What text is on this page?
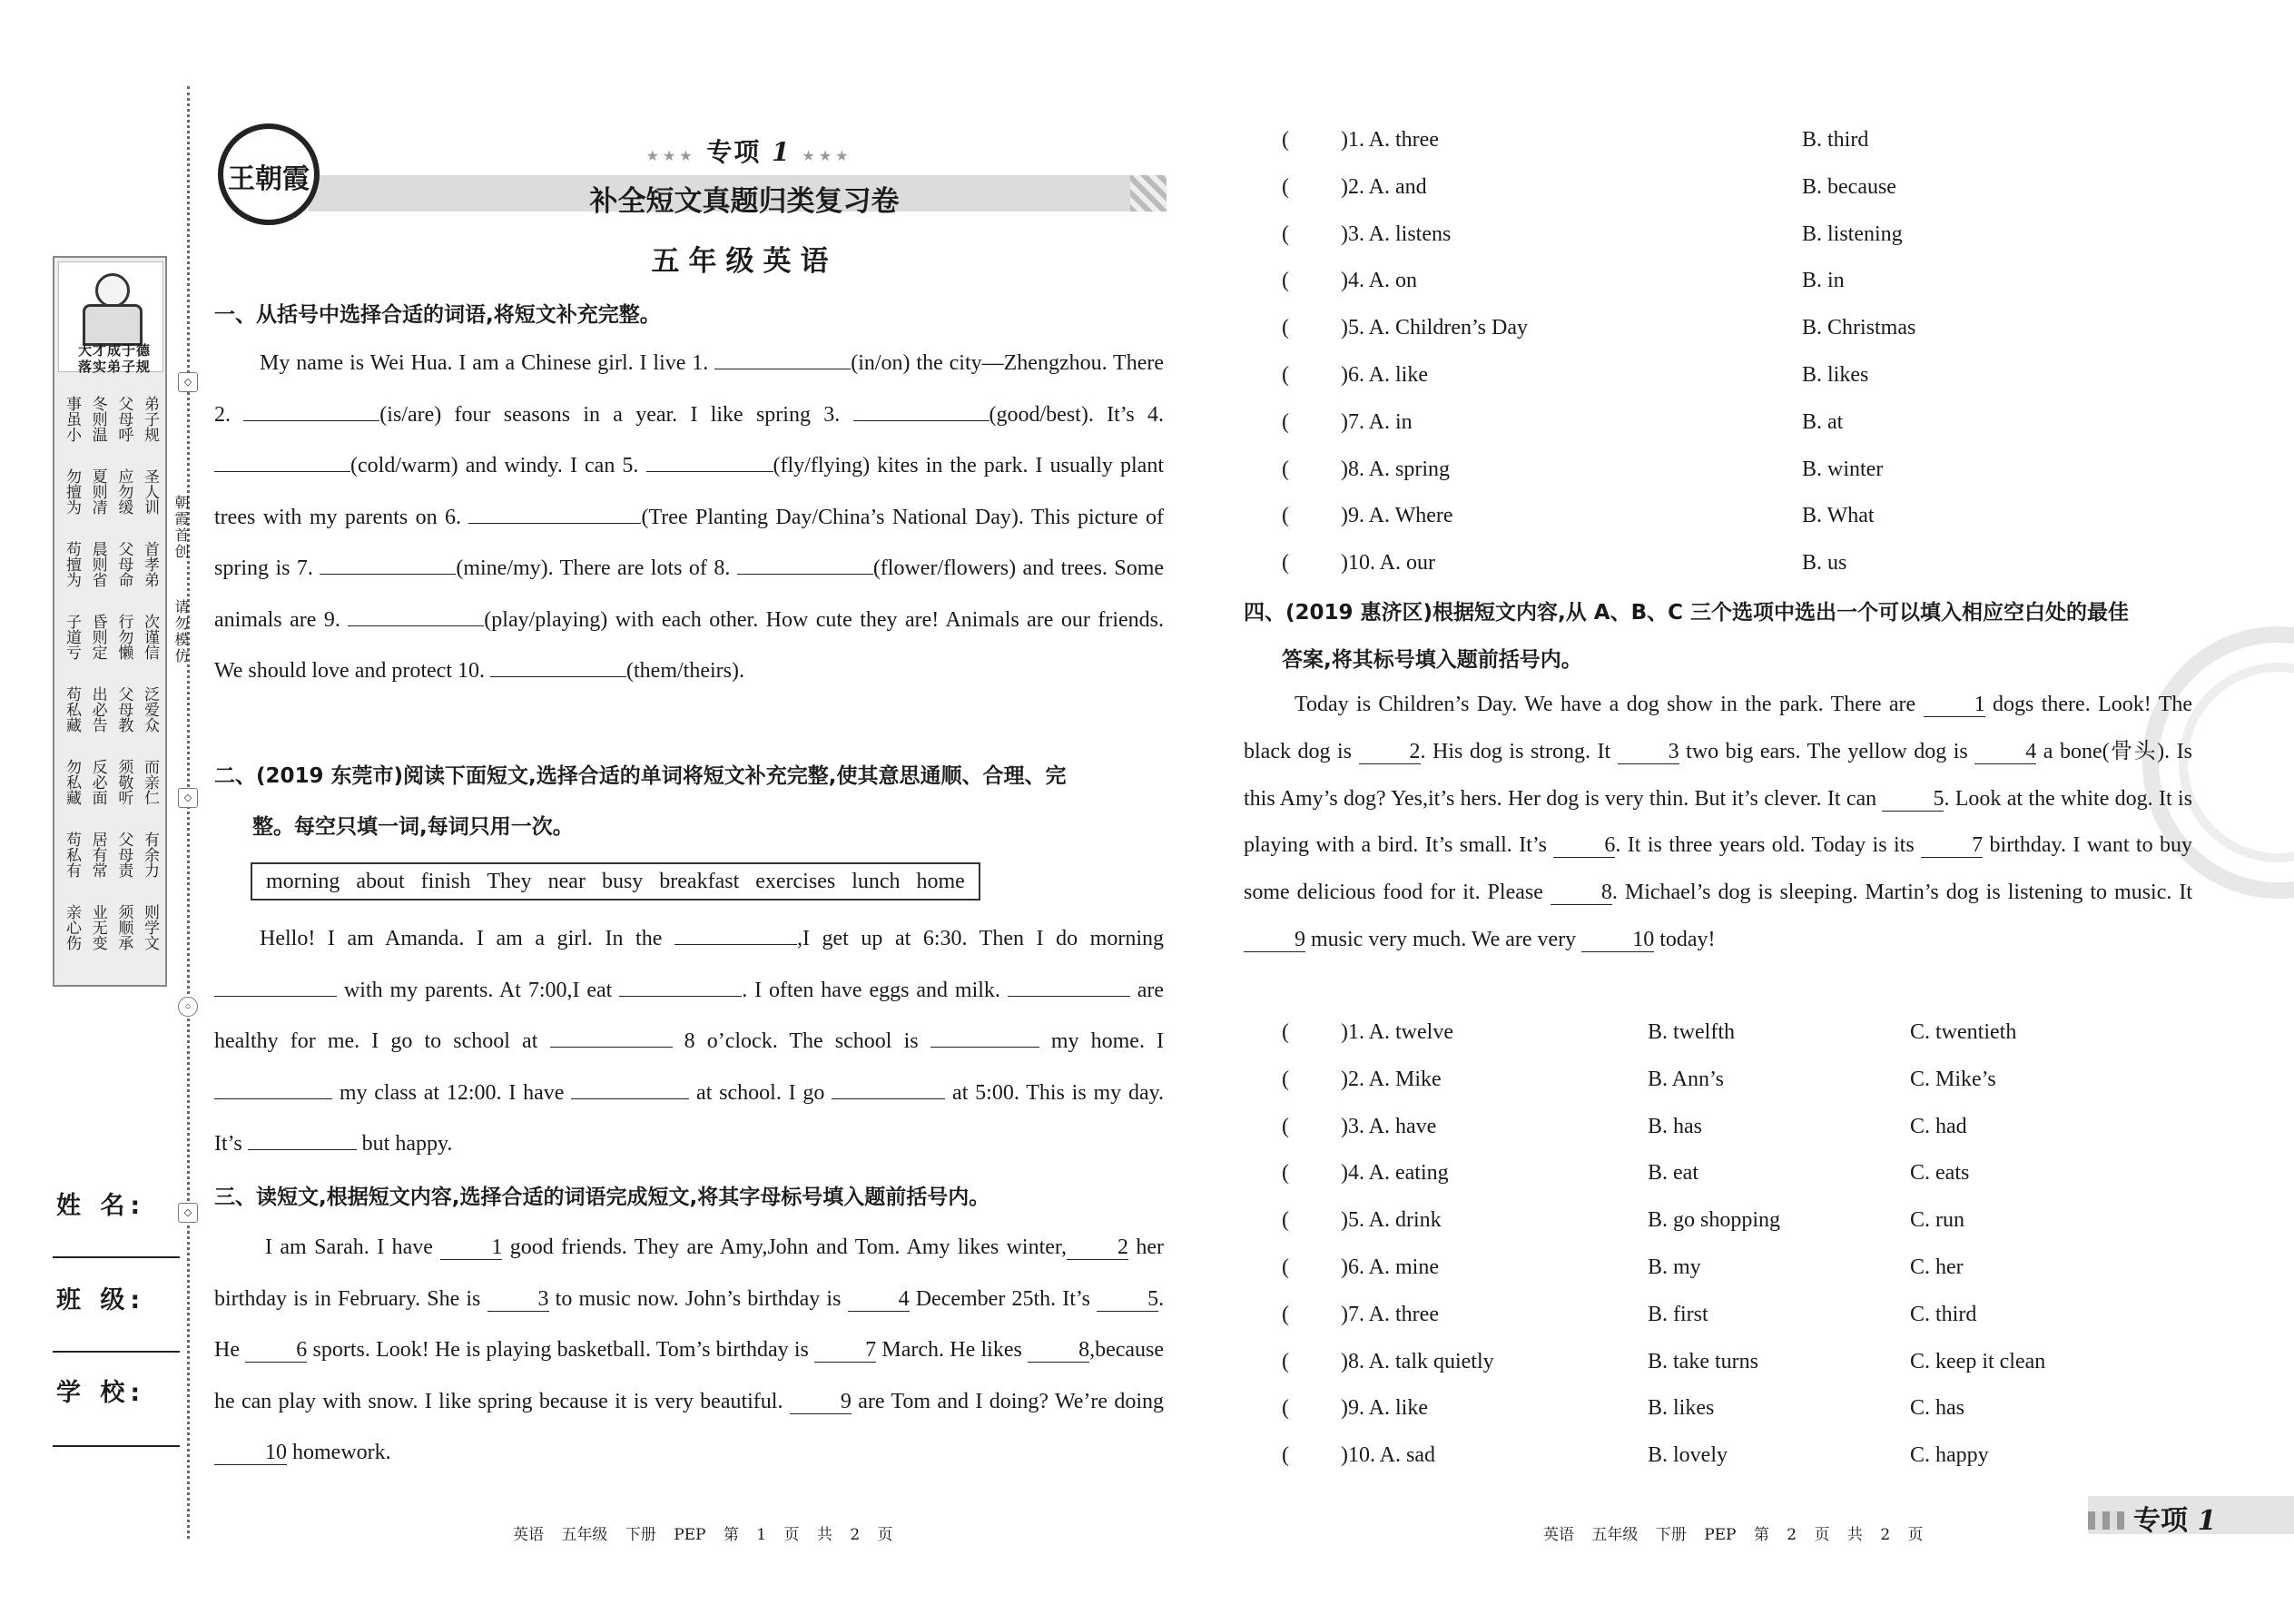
大才成于德
落实弟子规
事虽小 冬则温 父母呼 弟子规
勿擅为 夏则凊 应勿缓 圣人训
苟擅为 晨则省 父母命 首孝弟
子道亏 昏则定 行勿懒 次谨信
苟私藏 出必告 父母教 泛爱众
勿私藏 反必面 须敬听 而亲仁
苟私有 居有常 父母责 有余力
亲心伤 业无变 须顺承 则学文
◇
◇
○
◇
朝霞首创
请勿模仿
姓 名:
班 级:
学 校:
王朝霞
★★★ 专项 1 ★★★
补全短文真题归类复习卷
五年级英语
一、从括号中选择合适的词语,将短文补充完整。
My name is Wei Hua. I am a Chinese girl. I live 1.	(in/on) the city—Zhengzhou. There 2.	(is/are) four seasons in a year. I like spring 3.	(good/best). It’s 4. (cold/warm) and windy. I can 5.	(fly/flying) kites in the park. I usually plant trees with my parents on 6.	(Tree Planting Day/China’s National Day). This picture of spring is 7.	(mine/my). There are lots of 8.	(flower/flowers) and trees. Some animals are 9.	(play/playing) with each other. How cute they are! Animals are our friends. We should love and protect 10.	(them/theirs).
二、(2019 东莞市)阅读下面短文,选择合适的单词将短文补充完整,使其意思通顺、合理、完
整。每空只填一词,每词只用一次。
morning about finish They near busy breakfast exercises lunch home
Hello! I am Amanda. I am a girl. In the	,I get up at 6:30. Then I do morning  with my parents. At 7:00,I eat	. I often have eggs and milk.	are healthy for me. I go to school at	8 o’clock. The school is	my home. I  my class at 12:00. I have	at school. I go	at 5:00. This is my day. It’s	but happy.
三、读短文,根据短文内容,选择合适的词语完成短文,将其字母标号填入题前括号内。
I am Sarah. I have	1 good friends. They are Amy,John and Tom. Amy likes winter, 2 her birthday is in February. She is	3 to music now. John’s birthday is	4 December 25th. It’s	5. He	6 sports. Look! He is playing basketball. Tom’s birthday is	7 March. He likes	8,because he can play with snow. I like spring because it is very beautiful.	9 are Tom and I doing? We’re doing 10 homework.
( )1. A. three	B. third
( )2. A. and	B. because
( )3. A. listens	B. listening
( )4. A. on	B. in
( )5. A. Children’s Day	B. Christmas
( )6. A. like	B. likes
( )7. A. in	B. at
( )8. A. spring	B. winter
( )9. A. Where	B. What
( )10. A. our	B. us
四、(2019 惠济区)根据短文内容,从 A、B、C 三个选项中选出一个可以填入相应空白处的最佳
答案,将其标号填入题前括号内。
Today is Children’s Day. We have a dog show in the park. There are	1 dogs there. Look! The black dog is	2. His dog is strong. It	3 two big ears. The yellow dog is	4 a bone(骨头). Is this Amy’s dog? Yes,it’s hers. Her dog is very thin. But it’s clever. It can	5. Look at the white dog. It is playing with a bird. It’s small. It’s	6. It is three years old. Today is its	7 birthday. I want to buy some delicious food for it. Please	8. Michael’s dog is sleeping. Martin’s dog is listening to music. It 9 music very much. We are very	10 today!
( )1. A. twelve	B. twelfth	C. twentieth
( )2. A. Mike	B. Ann’s	C. Mike’s
( )3. A. have	B. has	C. had
( )4. A. eating	B. eat	C. eats
( )5. A. drink	B. go shopping	C. run
( )6. A. mine	B. my	C. her
( )7. A. three	B. first	C. third
( )8. A. talk quietly	B. take turns	C. keep it clean
( )9. A. like	B. likes	C. has
( )10. A. sad	B. lovely	C. happy
英语 五年级 下册 PEP 第 1 页 共 2 页	英语 五年级 下册 PEP 第 2 页 共 2 页	专项 1
